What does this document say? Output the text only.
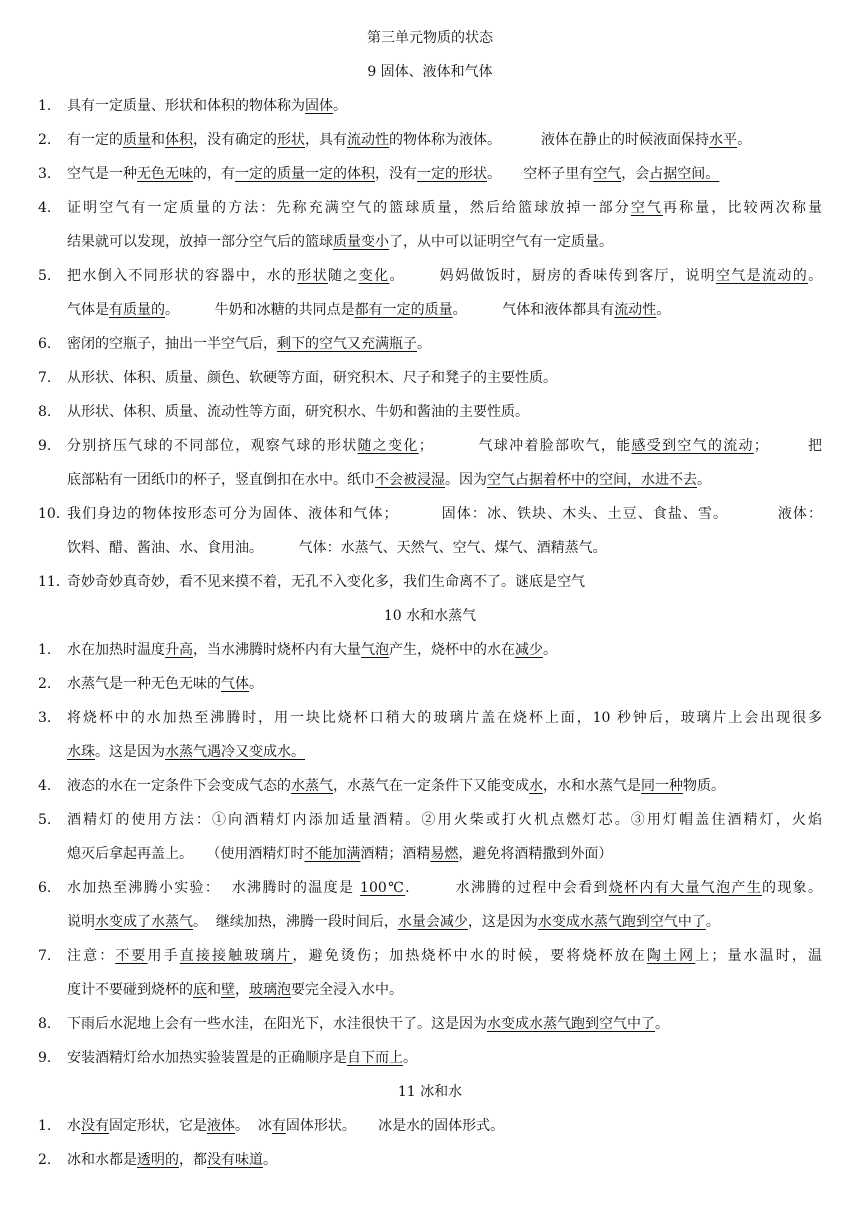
第三单元物质的状态
9 固体、液体和气体
1.	具有一定质量、形状和体积的物体称为固体。
2.	有一定的质量和体积，没有确定的形状，具有流动性的物体称为液体。         液体在静止的时候液面保持水平。
3.	空气是一种无色无味的，有一定的质量一定的体积，没有一定的形状。     空杯子里有空气，会占据空间。
4.	证明空气有一定质量的方法：先称充满空气的篮球质量，然后给篮球放掉一部分空气再称量，比较两次称量
结果就可以发现，放掉一部分空气后的篮球质量变小了，从中可以证明空气有一定质量。
5.	把水倒入不同形状的容器中，水的形状随之变化。      妈妈做饭时，厨房的香味传到客厅，说明空气是流动的。
气体是有质量的。        牛奶和冰糖的共同点是都有一定的质量。        气体和液体都具有流动性。
6.	密闭的空瓶子，抽出一半空气后，剩下的空气又充满瓶子。
7.	从形状、体积、质量、颜色、软硬等方面，研究积木、尺子和凳子的主要性质。
8.	从形状、体积、质量、流动性等方面，研究积水、牛奶和酱油的主要性质。
9.	分别挤压气球的不同部位，观察气球的形状随之变化；        气球冲着脸部吹气，能感受到空气的流动；       把
底部粘有一团纸巾的杯子，竖直倒扣在水中。纸巾不会被浸湿。因为空气占据着杯中的空间，水进不去。
10. 我们身边的物体按形态可分为固体、液体和气体；        固体：冰、铁块、木头、土豆、食盐、雪。         液体：
饮料、醋、酱油、水、食用油。        气体：水蒸气、天然气、空气、煤气、酒精蒸气。
11. 奇妙奇妙真奇妙，看不见来摸不着，无孔不入变化多，我们生命离不了。谜底是空气
10 水和水蒸气
1.	水在加热时温度升高，当水沸腾时烧杯内有大量气泡产生，烧杯中的水在减少。
2.	水蒸气是一种无色无味的气体。
3.	将烧杯中的水加热至沸腾时，用一块比烧杯口稍大的玻璃片盖在烧杯上面，10 秒钟后，玻璃片上会出现很多
水珠。这是因为水蒸气遇冷又变成水。
4.	液态的水在一定条件下会变成气态的水蒸气，水蒸气在一定条件下又能变成水，水和水蒸气是同一种物质。
5.	酒精灯的使用方法：①向酒精灯内添加适量酒精。②用火柴或打火机点燃灯芯。③用灯帽盖住酒精灯，火焰
熄灭后拿起再盖上。   （使用酒精灯时不能加满酒精；酒精易燃，避免将酒精撒到外面）
6.	水加热至沸腾小实验：  水沸腾时的温度是 100℃.        水沸腾的过程中会看到烧杯内有大量气泡产生的现象。
说明水变成了水蒸气。  继续加热，沸腾一段时间后，水量会减少，这是因为水变成水蒸气跑到空气中了。
7.	注意：不要用手直接接触玻璃片，避免烫伤；加热烧杯中水的时候，要将烧杯放在陶土网上；量水温时，温
度计不要碰到烧杯的底和壁，玻璃泡要完全浸入水中。
8.	下雨后水泥地上会有一些水洼，在阳光下，水洼很快干了。这是因为水变成水蒸气跑到空气中了。
9.	安装酒精灯给水加热实验装置是的正确顺序是自下而上。
11 冰和水
1.	水没有固定形状，它是液体。  冰有固体形状。     冰是水的固体形式。
2.	冰和水都是透明的，都没有味道。
